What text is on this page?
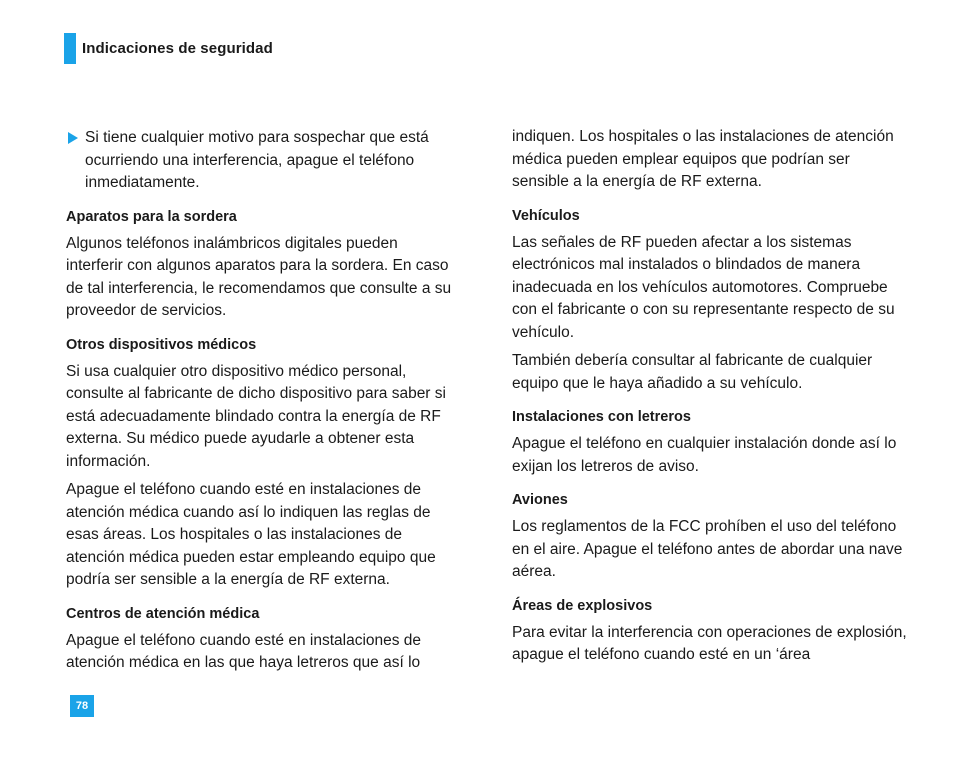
Indicaciones de seguridad
Si tiene cualquier motivo para sospechar que está ocurriendo una interferencia, apague el teléfono inmediatamente.
Aparatos para la sordera

Algunos teléfonos inalámbricos digitales pueden interferir con algunos aparatos para la sordera. En caso de tal interferencia, le recomendamos que consulte a su proveedor de servicios.

Otros dispositivos médicos

Si usa cualquier otro dispositivo médico personal, consulte al fabricante de dicho dispositivo para saber si está adecuadamente blindado contra la energía de RF externa. Su médico puede ayudarle a obtener esta información.

Apague el teléfono cuando esté en instalaciones de atención médica cuando así lo indiquen las reglas de esas áreas. Los hospitales o las instalaciones de atención médica pueden estar empleando equipo que podría ser sensible a la energía de RF externa.

Centros de atención médica

Apague el teléfono cuando esté en instalaciones de atención médica en las que haya letreros que así lo

indiquen. Los hospitales o las instalaciones de atención médica pueden emplear equipos que podrían ser sensible a la energía de RF externa.

Vehículos

Las señales de RF pueden afectar a los sistemas electrónicos mal instalados o blindados de manera inadecuada en los vehículos automotores. Compruebe con el fabricante o con su representante respecto de su vehículo.

También debería consultar al fabricante de cualquier equipo que le haya añadido a su vehículo.

Instalaciones con letreros

Apague el teléfono en cualquier instalación donde así lo exijan los letreros de aviso.

Aviones

Los reglamentos de la FCC prohíben el uso del teléfono en el aire. Apague el teléfono antes de abordar una nave aérea.

Áreas de explosivos

Para evitar la interferencia con operaciones de explosión, apague el teléfono cuando esté en un ‘área

78
